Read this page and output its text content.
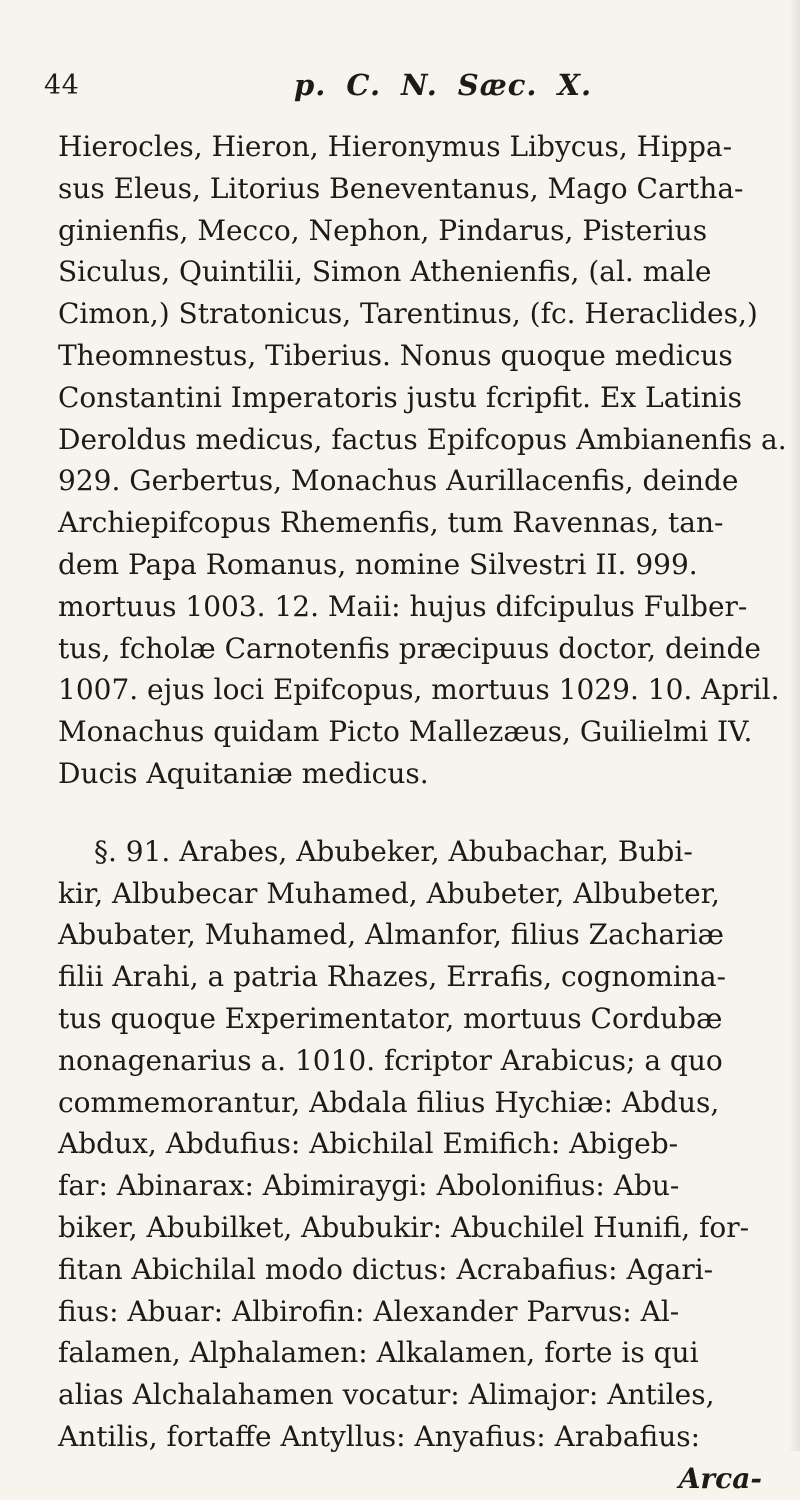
44	p. C. N. Sæc. X.
Hierocles, Hieron, Hieronymus Libycus, Hippa-
sus Eleus, Litorius Beneventanus, Mago Cartha-
ginienfis, Mecco, Nephon, Pindarus, Pisterius
Siculus, Quintilii, Simon Athenienfis, (al. male
Cimon,) Stratonicus, Tarentinus, (fc. Heraclides,)
Theomnestus, Tiberius. Nonus quoque medicus
Constantini Imperatoris justu fcripfit. Ex Latinis
Deroldus medicus, factus Epifcopus Ambianenfis a.
929. Gerbertus, Monachus Aurillacenfis, deinde
Archiepifcopus Rhemenfis, tum Ravennas, tan-
dem Papa Romanus, nomine Silvestri II. 999.
mortuus 1003. 12. Maii: hujus difcipulus Fulber-
tus, fcholæ Carnotenfis præcipuus doctor, deinde
1007. ejus loci Epifcopus, mortuus 1029. 10. April.
Monachus quidam Picto Mallezæus, Guilielmi IV.
Ducis Aquitaniæ medicus.
§. 91. Arabes, Abubeker, Abubachar, Bubi-
kir, Albubecar Muhamed, Abubeter, Albubeter,
Abubater, Muhamed, Almanfor, filius Zachariæ
filii Arahi, a patria Rhazes, Errafis, cognomina-
tus quoque Experimentator, mortuus Cordubæ
nonagenarius a. 1010. fcriptor Arabicus; a quo
commemorantur, Abdala filius Hychiæ: Abdus,
Abdux, Abdufius: Abichilal Emifich: Abigeb-
far: Abinarax: Abimiraygi: Abolonifius: Abu-
biker, Abubilket, Abubukir: Abuchilel Hunifi, for-
fitan Abichilal modo dictus: Acrabafius: Agari-
fius: Abuar: Albirofin: Alexander Parvus: Al-
falamen, Alphalamen: Alkalamen, forte is qui
alias Alchalahamen vocatur: Alimajor: Antiles,
Antilis, fortaffe Antyllus: Anyafius: Arabafius:
Arca-
